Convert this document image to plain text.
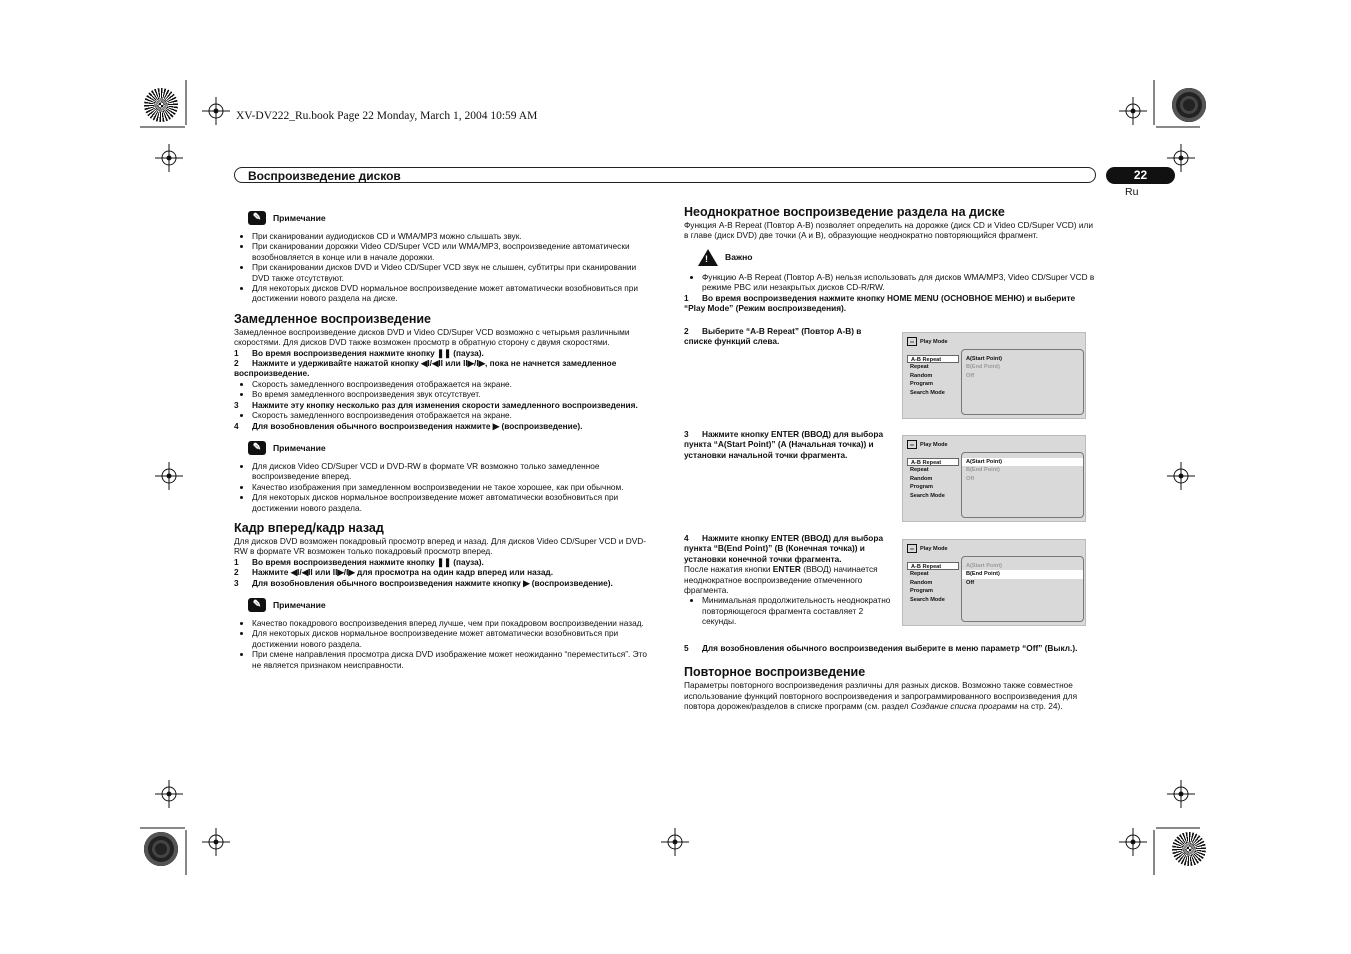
XV-DV222_Ru.book Page 22 Monday, March 1, 2004 10:59 AM
Воспроизведение дисков	22
Ru
✎	Примечание
• При сканировании аудиодисков CD и WMA/MP3 можно слышать звук.
• При сканировании дорожки Video CD/Super VCD или WMA/MP3, воспроизведение автоматически возобновляется в конце или в начале дорожки.
• При сканировании дисков DVD и Video CD/Super VCD звук не слышен, субтитры при сканировании DVD также отсутствуют.
• Для некоторых дисков DVD нормальное воспроизведение может автоматически возобновиться при достижении нового раздела на диске.

Замедленное воспроизведение

Замедленное воспроизведение дисков DVD и Video CD/Super VCD возможно с четырьмя различными скоростями. Для дисков DVD также возможен просмотр в обратную сторону с двумя скоростями.

1 Во время воспроизведения нажмите кнопку ❚❚ (пауза).

2 Нажмите и удерживайте нажатой кнопку ◀I/◀II или II▶/I▶, пока не начнется замедленное воспроизведение.

• Скорость замедленного воспроизведения отображается на экране.
• Во время замедленного воспроизведения звук отсутствует.

3 Нажмите эту кнопку несколько раз для изменения скорости замедленного воспроизведения.

• Скорость замедленного воспроизведения отображается на экране.

4 Для возобновления обычного воспроизведения нажмите ▶ (воспроизведение).

✎	Примечание
• Для дисков Video CD/Super VCD и DVD-RW в формате VR возможно только замедленное воспроизведение вперед.
• Качество изображения при замедленном воспроизведении не такое хорошее, как при обычном.
• Для некоторых дисков нормальное воспроизведение может автоматически возобновиться при достижении нового раздела.

Кадр вперед/кадр назад

Для дисков DVD возможен покадровый просмотр вперед и назад. Для дисков Video CD/Super VCD и DVD-RW в формате VR возможен только покадровый просмотр вперед.

1 Во время воспроизведения нажмите кнопку ❚❚ (пауза).

2 Нажмите ◀I/◀II или II▶/I▶ для просмотра на один кадр вперед или назад.

3 Для возобновления обычного воспроизведения нажмите кнопку ▶ (воспроизведение).

✎	Примечание
• Качество покадрового воспроизведения вперед лучше, чем при покадровом воспроизведении назад.
• Для некоторых дисков нормальное воспроизведение может автоматически возобновиться при достижении нового раздела.
• При смене направления просмотра диска DVD изображение может неожиданно “переместиться”. Это не является признаком неисправности.

Неоднократное воспроизведение раздела на диске

Функция A-B Repeat (Повтор A-B) позволяет определить на дорожке (диск CD и Video CD/Super VCD) или в главе (диск DVD) две точки (A и B), образующие неоднократно повторяющийся фрагмент.

! Важно
• Функцию A-B Repeat (Повтор A-B) нельзя использовать для дисков WMA/MP3, Video CD/Super VCD в режиме PBC или незакрытых дисков CD-R/RW.

1 Во время воспроизведения нажмите кнопку HOME MENU (ОСНОВНОЕ МЕНЮ) и выберите “Play Mode” (Режим воспроизведения).

2 Выберите “A-B Repeat” (Повтор A-B) в списке функций слева.

3 Нажмите кнопку ENTER (ВВОД) для выбора пункта “A(Start Point)” (A (Начальная точка)) и установки начальной точки фрагмента.

4 Нажмите кнопку ENTER (ВВОД) для выбора пункта “B(End Point)” (B (Конечная точка)) и установки конечной точки фрагмента.

После нажатия кнопки ENTER (ВВОД) начинается неоднократное воспроизведение отмеченного фрагмента.

• Минимальная продолжительность неоднократно повторяющегося фрагмента составляет 2 секунды.

5 Для возобновления обычного воспроизведения выберите в меню параметр “Off” (Выкл.).

Повторное воспроизведение

Параметры повторного воспроизведения различны для разных дисков. Возможно также совместное использование функций повторного воспроизведения и запрограммированного воспроизведения для повтора дорожек/разделов в списке программ (см. раздел Создание списка программ на стр. 24).

▭	Play Mode
A-B Repeat
Repeat
Random
Program
Search Mode
A(Start Point)
B(End Point)
Off
▭	Play Mode
A-B Repeat
Repeat
Random
Program
Search Mode
A(Start Point)
B(End Point)
Off
▭	Play Mode
A-B Repeat
Repeat
Random
Program
Search Mode
A(Start Point)
B(End Point)
Off
